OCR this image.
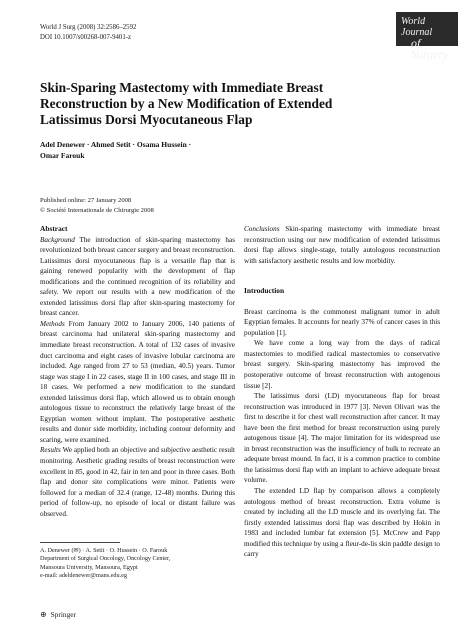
World J Surg (2008) 32:2586–2592
DOI 10.1007/s00268-007-9401-z
World Journal
of Surgery
Skin-Sparing Mastectomy with Immediate Breast Reconstruction by a New Modification of Extended Latissimus Dorsi Myocutaneous Flap
Adel Denewer · Ahmed Setit · Osama Hussein ·
Omar Farouk
Published online: 27 January 2008
© Société Internationale de Chirurgie 2008
Abstract

Background The introduction of skin-sparing mastectomy has revolutionized both breast cancer surgery and breast reconstruction. Latissimus dorsi myocutaneous flap is a versatile flap that is gaining renewed popularity with the development of flap modifications and the continued recognition of its reliability and safety. We report our results with a new modification of the extended latissimus dorsi flap after skin-sparing mastectomy for breast cancer.

Methods From January 2002 to January 2006, 140 patients of breast carcinoma had unilateral skin-sparing mastectomy and immediate breast reconstruction. A total of 132 cases of invasive duct carcinoma and eight cases of invasive lobular carcinoma are included. Age ranged from 27 to 53 (median, 40.5) years. Tumor stage was stage I in 22 cases, stage II in 100 cases, and stage III in 18 cases. We performed a new modification to the standard extended latissimus dorsi flap, which allowed us to obtain enough autologous tissue to reconstruct the relatively large breast of the Egyptian women without implant. The postoperative aesthetic results and donor side morbidity, including contour deformity and scaring, were examined.

Results We applied both an objective and subjective aesthetic result monitoring. Aesthetic grading results of breast reconstruction were excellent in 85, good in 42, fair in ten and poor in three cases. Both flap and donor site complications were minor. Patients were followed for a median of 32.4 (range, 12-48) months. During this period of follow-up, no episode of local or distant failure was observed.

A. Denewer (✉) · A. Setit · O. Hussein · O. Farouk
Department of Surgical Oncology, Oncology Center,
Mansoura University, Mansoura, Egypt
e-mail: adeldenewer@mans.edu.eg

Conclusions Skin-sparing mastectomy with immediate breast reconstruction using our new modification of extended latissimus dorsi flap allows single-stage, totally autologous reconstruction with satisfactory aesthetic results and low morbidity.

Introduction

Breast carcinoma is the commonest malignant tumor in adult Egyptian females. It accounts for nearly 37% of cancer cases in this population [1].

We have come a long way from the days of radical mastectomies to modified radical mastectomies to conservative breast surgery. Skin-sparing mastectomy has improved the postoperative outcome of breast reconstruction with autogenous tissue [2].

The latissimus dorsi (LD) myocutaneous flap for breast reconstruction was introduced in 1977 [3]. Neven Olivari was the first to describe it for chest wall reconstruction after cancer. It may have been the first method for breast reconstruction using purely autogenous tissue [4]. The major limitation for its widespread use in breast reconstruction was the insufficiency of bulk to recreate an adequate breast mound. In fact, it is a common practice to combine the latissimus dorsi flap with an implant to achieve adequate breast volume.

The extended LD flap by comparison allows a completely autologous method of breast reconstruction. Extra volume is created by including all the LD muscle and its overlying fat. The firstly extended latissimus dorsi flap was described by Hokin in 1983 and included lumbar fat extension [5]. McCrew and Papp modified this technique by using a fleur-de-lis skin paddle design to carry

⊕ Springer
